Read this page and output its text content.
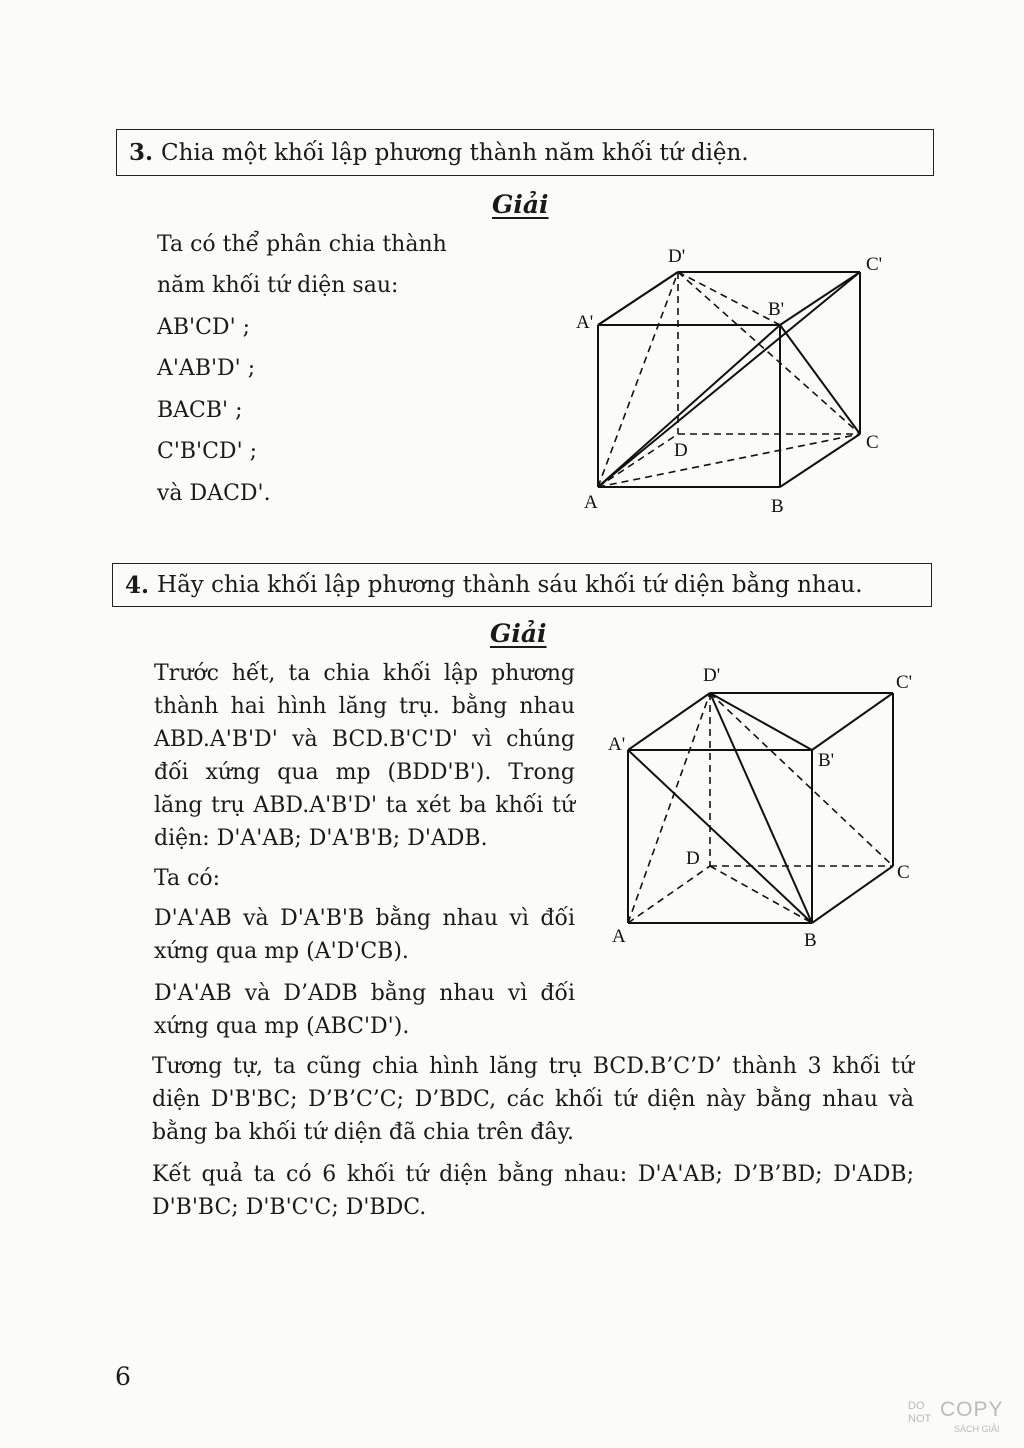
3. Chia một khối lập phương thành năm khối tứ diện.
Giải
Ta có thể phân chia thành
năm khối tứ diện sau:
AB'CD' ;
A'AB'D' ;
BACB' ;
C'B'CD' ;
và DACD'.
D'	C'
A'
B'
D	C
A	B
4. Hãy chia khối lập phương thành sáu khối tứ diện bằng nhau.
Giải
Trước hết, ta chia khối lập phương thành hai hình lăng trụ. bằng nhau ABD.A'B'D' và BCD.B'C'D' vì chúng đối xứng qua mp (BDD'B'). Trong lăng trụ ABD.A'B'D' ta xét ba khối tứ diện: D'A'AB; D'A'B'B; D'ADB.
Ta có:
D'A'AB và D'A'B'B bằng nhau vì đối xứng qua mp (A'D'CB).
D'A'AB và D’ADB bằng nhau vì đối xứng qua mp (ABC'D').
Tương tự, ta cũng chia hình lăng trụ BCD.B’C’D’ thành 3 khối tứ diện D'B'BC; D’B’C’C; D’BDC, các khối tứ diện này bằng nhau và bằng ba khối tứ diện đã chia trên đây.
Kết quả ta có 6 khối tứ diện bằng nhau: D'A'AB; D’B’BD; D'ADB; D'B'BC; D'B'C'C; D'BDC.
D'	C'
A'
B'
D
C
A	B
6
DO
NOT COPY
SÁCH GIẢI
